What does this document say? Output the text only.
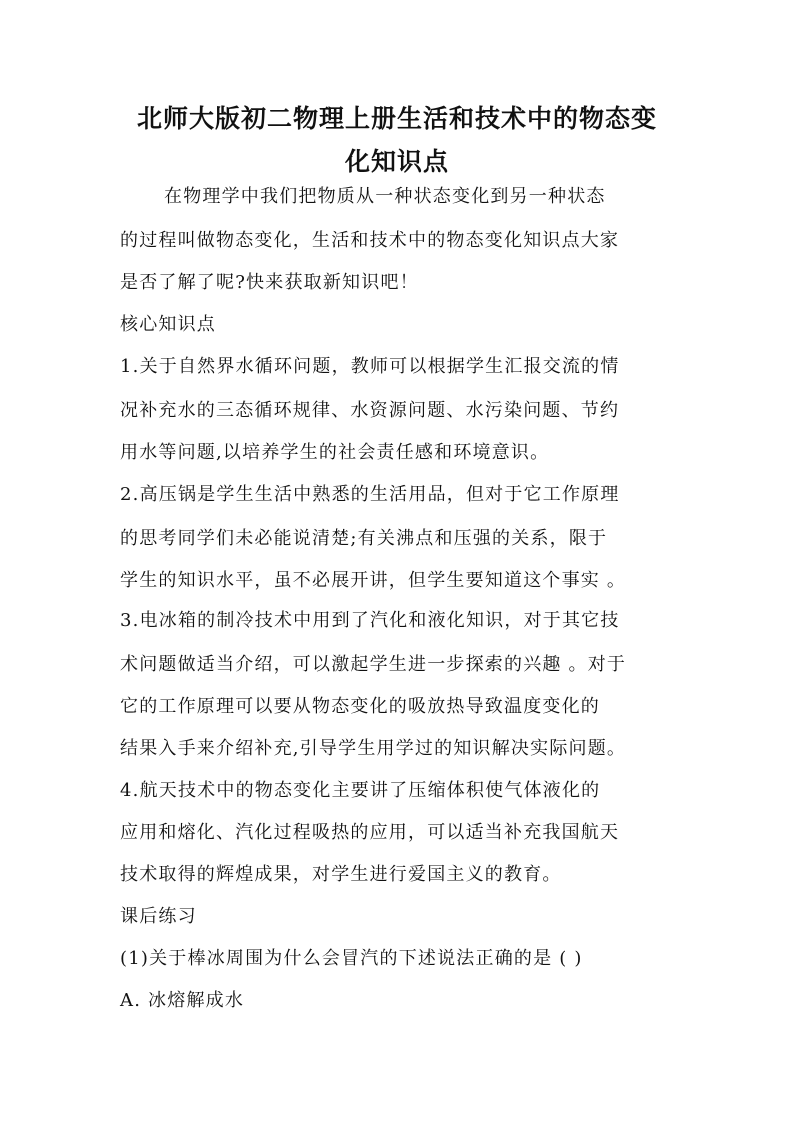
北师大版初二物理上册生活和技术中的物态变
化知识点
在物理学中我们把物质从一种状态变化到另一种状态
的过程叫做物态变化，生活和技术中的物态变化知识点大家
是否了解了呢?快来获取新知识吧！
核心知识点
1.关于自然界水循环问题，教师可以根据学生汇报交流的情
况补充水的三态循环规律、水资源问题、水污染问题、节约
用水等问题,以培养学生的社会责任感和环境意识。
2.高压锅是学生生活中熟悉的生活用品，但对于它工作原理
的思考同学们未必能说清楚;有关沸点和压强的关系，限于
学生的知识水平，虽不必展开讲，但学生要知道这个事实 。
3.电冰箱的制冷技术中用到了汽化和液化知识，对于其它技
术问题做适当介绍，可以激起学生进一步探索的兴趣 。对于
它的工作原理可以要从物态变化的吸放热导致温度变化的
结果入手来介绍补充,引导学生用学过的知识解决实际问题。
4.航天技术中的物态变化主要讲了压缩体积使气体液化的
应用和熔化、汽化过程吸热的应用，可以适当补充我国航天
技术取得的辉煌成果，对学生进行爱国主义的教育。
课后练习
(1)关于棒冰周围为什么会冒汽的下述说法正确的是 ( )
A. 冰熔解成水
